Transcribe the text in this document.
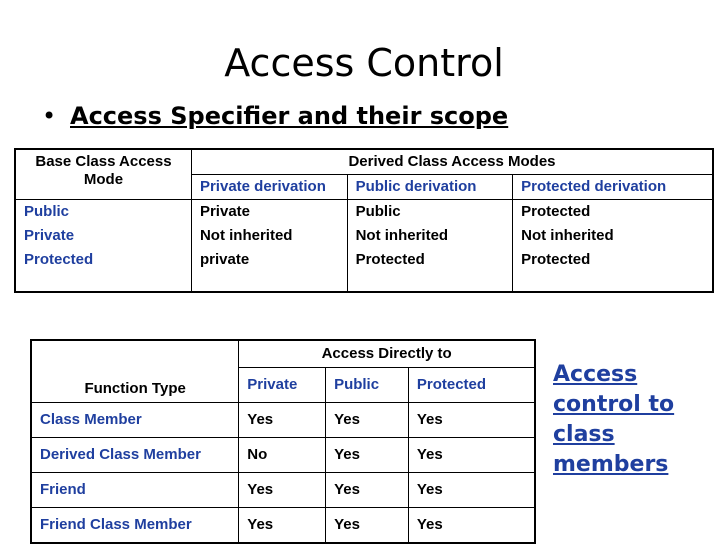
Access Control
• Access Specifier and their scope
Base Class Access Mode	Derived Class Access Modes		
	Private derivation	Public derivation	Protected derivation
Public	Private	Public	Protected
Private	Not inherited	Not inherited	Not inherited
Protected	private	Protected	Protected
Function Type	Access Directly to		
	Private	Public	Protected
Class Member	Yes	Yes	Yes
Derived Class Member	No	Yes	Yes
Friend	Yes	Yes	Yes
Friend Class Member	Yes	Yes	Yes
Access control to class members
